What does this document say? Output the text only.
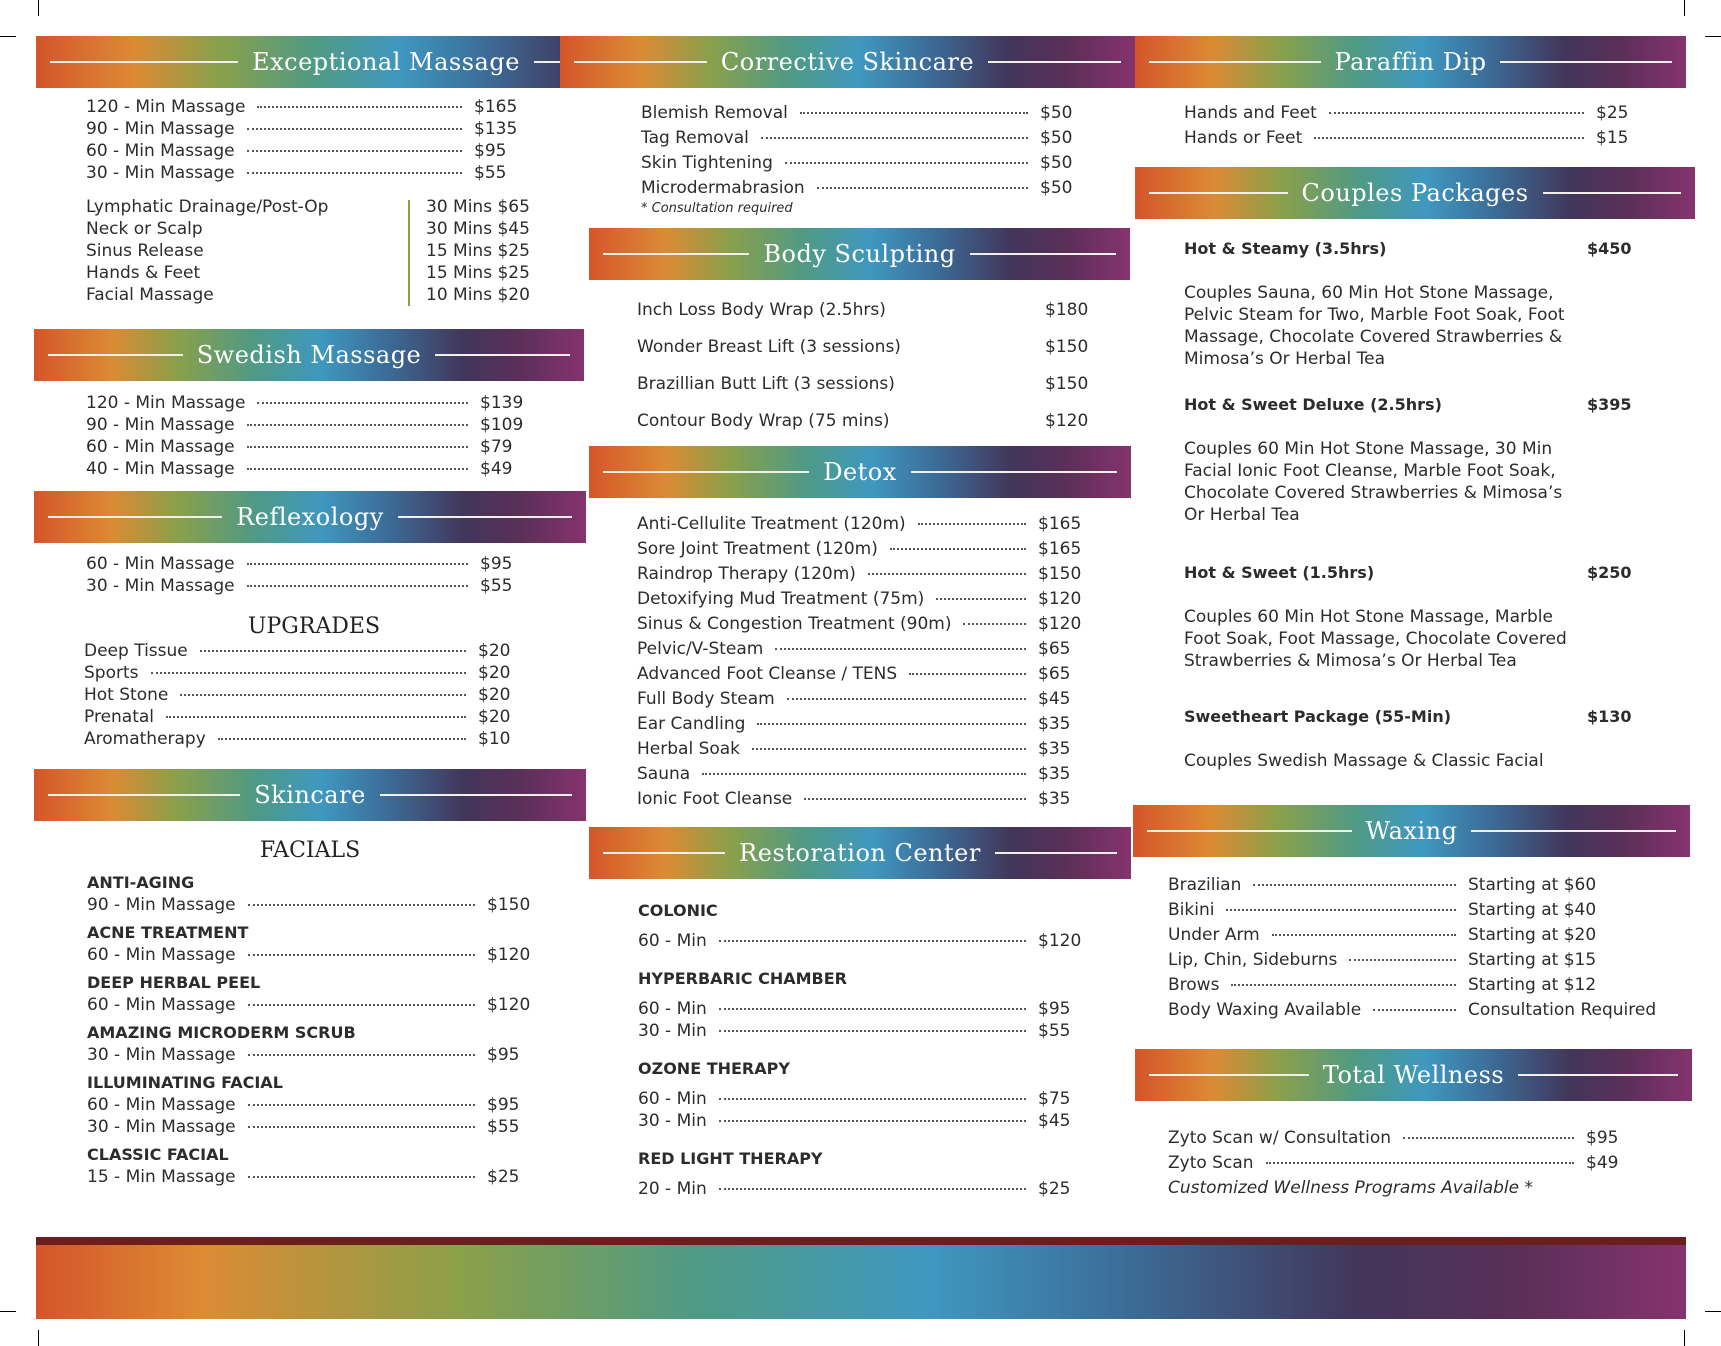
Exceptional Massage	Corrective Skincare	Paraffin Dip
Swedish Massage
Reflexology
Skincare
Body Sculpting
Detox
Restoration Center
Couples Packages
Waxing
Total Wellness
120 - Min Massage	$165
90 - Min Massage	$135
60 - Min Massage	$95
30 - Min Massage	$55
Lymphatic Drainage/Post-Op	30 Mins $65
Neck or Scalp	30 Mins $45
Sinus Release	15 Mins $25
Hands & Feet	15 Mins $25
Facial Massage	10 Mins $20
120 - Min Massage	$139
90 - Min Massage	$109
60 - Min Massage	$79
40 - Min Massage	$49
60 - Min Massage	$95
30 - Min Massage	$55
UPGRADES
Deep Tissue	$20
Sports	$20
Hot Stone	$20
Prenatal	$20
Aromatherapy	$10
FACIALS
ANTI-AGING
90 - Min Massage	$150
ACNE TREATMENT
60 - Min Massage	$120
DEEP HERBAL PEEL
60 - Min Massage	$120
AMAZING MICRODERM SCRUB
30 - Min Massage	$95
ILLUMINATING FACIAL
60 - Min Massage	$95
30 - Min Massage	$55
CLASSIC FACIAL
15 - Min Massage	$25
Blemish Removal	$50
Tag Removal	$50
Skin Tightening	$50
Microdermabrasion	$50
* Consultation required
Inch Loss Body Wrap (2.5hrs)	$180
Wonder Breast Lift (3 sessions)	$150
Brazillian Butt Lift (3 sessions)	$150
Contour Body Wrap (75 mins)	$120
Anti-Cellulite Treatment (120m)	$165
Sore Joint Treatment (120m)	$165
Raindrop Therapy (120m)	$150
Detoxifying Mud Treatment (75m)	$120
Sinus & Congestion Treatment (90m)	$120
Pelvic/V-Steam	$65
Advanced Foot Cleanse / TENS	$65
Full Body Steam	$45
Ear Candling	$35
Herbal Soak	$35
Sauna	$35
Ionic Foot Cleanse	$35
COLONIC
60 - Min	$120
HYPERBARIC CHAMBER
60 - Min	$95
30 - Min	$55
OZONE THERAPY
60 - Min	$75
30 - Min	$45
RED LIGHT THERAPY
20 - Min	$25
Hands and Feet	$25
Hands or Feet	$15
Hot & Steamy (3.5hrs)	$450
Couples Sauna, 60 Min Hot Stone Massage,
Pelvic Steam for Two, Marble Foot Soak, Foot
Massage, Chocolate Covered Strawberries &
Mimosa’s Or Herbal Tea
Hot & Sweet Deluxe (2.5hrs)	$395
Couples 60 Min Hot Stone Massage, 30 Min
Facial Ionic Foot Cleanse, Marble Foot Soak,
Chocolate Covered Strawberries & Mimosa’s
Or Herbal Tea
Hot & Sweet (1.5hrs)	$250
Couples 60 Min Hot Stone Massage, Marble
Foot Soak, Foot Massage, Chocolate Covered
Strawberries & Mimosa’s Or Herbal Tea
Sweetheart Package (55-Min)	$130
Couples Swedish Massage & Classic Facial
Brazilian	Starting at $60
Bikini	Starting at $40
Under Arm	Starting at $20
Lip, Chin, Sideburns	Starting at $15
Brows	Starting at $12
Body Waxing Available	Consultation Required
Zyto Scan w/ Consultation	$95
Zyto Scan	$49
Customized Wellness Programs Available *
